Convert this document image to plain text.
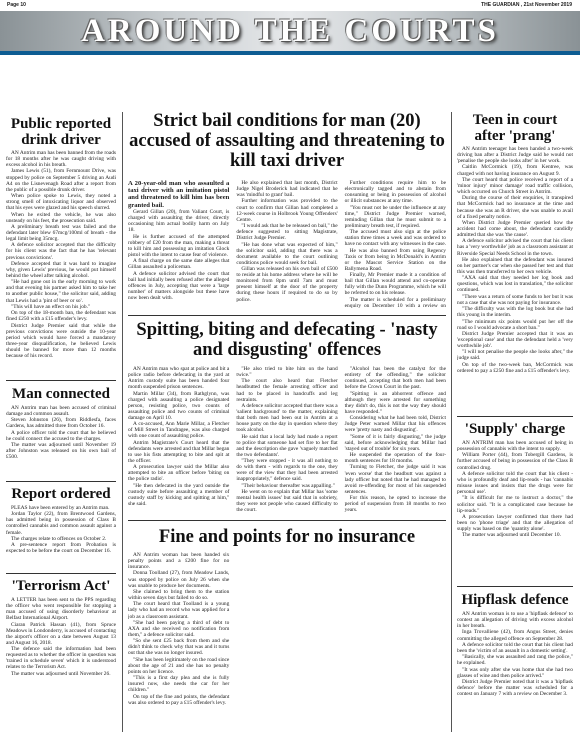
Page 10	THE GUARDIAN , 21st November 2019
AROUND THE COURTS
Public reported drink driver

AN Antrim man has been banned from the roads for 18 months after he was caught driving with excess alcohol in his breath.

James Lewis (51), from Fernmount Drive, was stopped by police on September 5 driving an Audi A4 on the Lisnevenagh Road after a report from the public of a possible drunk driver.

When police spoke to Lewis, they noted a strong smell of intoxicating liquor and observed that his eyes were glazed and his speech slurred.

When he exited the vehicle, he was also unsteady on his feet, the prosecution said.

A preliminary breath test was failed and the defendant later blew 67mcg/100ml of breath - the legal limit being 35mcg.

A defence solicitor accepted that the difficulty for his client was the fact that he has 'relevant previous convictions'.

Defence accepted that it was hard to imagine why, given Lewis' previous, he would put himself behind the wheel after talking alcohol.

"He had gone out in the early morning to work and that evening his partner asked him to take her to another public house," the solicitor said, adding that Lewis had a 'pint of beer or so'.

"This will have an effect on his job."

On top of the 18-month ban, the defendant was fined £250 with a £15 offender's levy.

District Judge Premier said that while the previous convictions were outside the 10-year period which would have forced a mandatory three-year disqualification, he believed Lewis should be banned for more than 12 months because of his record.

Man connected

AN Antrim man has been accused of criminal damage and common assault.

Steven Johnston (26), from Riddlesfa, faces Gardens, has admitted three from October 16.

A police officer told the court that he believed he could connect the accused to the charges.

The matter was adjourned until November 19 after Johnston was released on his own bail of £500.

Report ordered

PLEAS have been entered by an Antrim man.

Jordan Taylor (22), from Brentwood Gardens, has admitted being in possession of Class B controlled cannabis and common assault against a female.

The charges relate to offences on October 2.

A pre-sentence report from Probation is expected to be before the court on December 16.

'Terrorism Act'

A LETTER has been sent to the PPS regarding the officer who went responsible for stopping a man accused of using disorderly behaviour at Belfast International Airport.

Ciaran Patrick Hassan (41), from Spruce Meadows in Londonderry, is accused of contacting the airport's officer on a date between August 13 and August 16, 2018.

The defence said the information had been requested as to whether the officer in question was 'trained in schedule seven' which it is understood relates to the Terrorism Act.

The matter was adjourned until November 26.

Strict bail conditions for man (20) accused of assaulting and threatening to kill taxi driver

A 20-year-old man who assaulted a taxi driver with an imitation pistol and threatened to kill him has been granted bail.

Gerard Gillan (20), from Valiant Court, is charged with assaulting the driver, directly occasioning him actual bodily harm on July 18.

He is further accused of the attempted robbery of £20 from the man, making a threat to kill him and possessing an imitation Glock pistol with the intent to cause fear of violence.

A final charge on the same date alleges that Gillan assaulted a policeman.

A defence solicitor advised the court that bail had initially been refused after the alleged offences in July, accepting that were a 'large number' of matters alongside but these have now been dealt with.

He also explained that last month, District Judge Nigel Broderick had indicated that he was 'mindful to grant' bail.

Further information was provided to the court to confirm that Gillan had completed a 12-week course in Holbrook Young Offenders' Centre.

"I would ask that he be released on bail," the defence suggested to sitting Magistrate, District Judge Premier.

"He has done what was expected of him," the solicitor said, adding that there was a document available to the court outlining conditions police would seek for bail.

Gillan was released on his own bail of £500 to reside at his home address where he will be monitored from 8pm until 7am and must present himself at the door of the property during these hours if required to do so by police.

Further conditions require him to be electronically tagged and to abstain from consuming or being in possession of alcohol or illicit substances at any time.

"You must not be under the influence at any time," District Judge Premier warned, reminding Gillan that he must submit to a preliminary breath test, if required.

The accused must also sign at the police station three times a week and was ordered to have no contact with any witnesses in the case.

He was also banned from using Regency Taxis or from being in McDonald's in Antrim or the Mascot Service Station on the Ballymena Road.

Finally, Mr Premier made it a condition of bail that Gillan would attend and co-operate fully with the Dunn Programme, which he will be referred to on his release.

The matter is scheduled for a preliminary enquiry on December 10 with a review on

Spitting, biting and defecating - 'nasty and disgusting' offences

AN Antrim man who spat at police and bit a police radio before defecating in the yard at Antrim custody suite has been handed four month suspended prison sentences.

Martin Millar (34), from Rathglynn, was charged with assaulting a police designated person, resisting police, two counts of assaulting police and two counts of criminal damage on April 10.

A co-accused, Ann Marie Millar, a Fletcher of Mill Street in Tandragee, was also charged with one count of assaulting police.

Antrim Magistrate's Court heard that the defendants were arrested and that Millar began to use his fists attempting to bite and spit at the officer.

A prosecution lawyer said the Millar also attempted to bite an officer before 'biting on the police radio'.

"He then defecated in the yard outside the custody suite before assaulting a member of custody staff by kicking and spitting at him," she said.

"He also tried to bite him on the hand twice."

The court also heard that Fletcher headbutted the female arresting officer and had to be placed in handcuffs and leg restraints.

A defence solicitor accepted that there was a 'salient background' to the matter, explaining that both men had been out in Antrim at a house party on the day in question where they took alcohol.

He said that a local lady had made a report to police that someone had set fire to her flat and the description she gave 'vaguely matched the two defendants'.

"They were stopped - it was all nothing to do with them - with regards to the one, they were of the view that they had been arrested inappropriately," defence said.

"Their behaviour thereafter was appalling."

He went on to explain that Millar has 'some mental health issues' but said that in sobriety, they were not people who caused difficulty to the court.

"Alcohol has been the catalyst for the entirety of the offending," the solicitor continued, accepting that both men had been before the Crown Court in the past.

"Spitting is an abhorrent offence and although they were arrested for something they didn't do, this is not the way they should have responded."

Considering what he had been told, District Judge Peter warned Millar that his offences were 'pretty nasty and disgusting'.

"Some of it is fairly disgusting," the judge said, before acknowledging that Millar had 'stayed out of trouble' for six years.

He suspended the operation of the four-month sentences for 18 months.

Turning to Fletcher, the judge said it was 'even worse' that the headbutt was against a lady officer but noted that he had managed to avoid re-offending for most of his suspended sentences.

For this reason, he opted to increase the period of suspension from 18 months to two years.

Fine and points for no insurance

AN Antrim woman has been handed six penalty points and a £200 fine for no insurance.

Donna Toolland (27), from Meadow Lands, was stopped by police on July 26 when she was unable to produce her documents.

She claimed to bring them to the station within seven days but failed to do so.

The court heard that Toolland is a young lady who had an record who was applied for a job as a classroom assistant.

"She had been paying a third of debt to AXA and she received no notification from them," a defence solicitor said.

"So she sent £25 back from them and she didn't think to check why that was and it turns out that she was no longer insured.

"She has been legitimately on the road since about the age of 21 and she has no penalty points on her licence.

"This is a first day plea and she is fully insured now, she needs the car for her children."

On top of the fine and points, the defendant was also ordered to pay a £15 offender's levy.

Teen in court after 'prang'

AN Antrim teenager has been handed a two-week driving ban after a District Judge said he would not 'penalise the people she looks after' in her work.

Caitlin McCormick (19), from Kentree, was charged with not having insurance on August 9.

The court heard that police received a report of a 'minor injury' minor damage' road traffic collision, which occurred on Church Street in Antrim.

During the course of their enquiries, it transpired that McCormick had no insurance at the time and because she was an R driver, she was unable to avail of a fixed penalty notice.

When District Judge Premier queried how the accident had come about, the defendant candidly admitted that she was 'the cause'.

A defence solicitor advised the court that his client has a 'very worthwhile' job as a classroom assistant at Riverside Special Needs School in the town.

He also explained that the defendant was insured on her partner's car when she passed her test and that this was then transferred to her own vehicle.

"AXA said that they needed her log book and questions, which was lost in translation," the solicitor continued.

"There was a return of some funds to her but it was not a case that she was not paying for insurance.

"The difficulty was with the log book but she had this young in the interim.

"The minimum six points would put her off the road so I would advocate a short ban."

District Judge Premier accepted that it was an 'exceptional case' and that the defendant held a 'very worthwhile job'.

"I will not penalise the people she looks after," the judge said.

On top of the two-week ban, McCormick was ordered to pay a £250 fine and a £15 offender's levy.

'Supply' charge

AN ANTRIM man has been accused of being in possession of cannabis with the intent to supply.

William Porter (44), from Tobergill Gardens, is further accused of being in possession of the Class B controlled drug.

A defence solicitor told the court that his client - who is profoundly deaf and lip-reads - has 'cannabis misuse issues and insists that the drugs were for personal use'.

"It is difficult for me to instruct a doctor," the solicitor said. "It is a complicated case because he lip-reads."

A prosecution lawyer confirmed that there had been no 'phone triage' and that the allegation of supply was based on the 'quantity alone'.

The matter was adjourned until December 10.

Hipflask defence

AN Antrim woman is to use a 'hipflask defence' to contest an allegation of driving with excess alcohol in her breath.

Inga Trovalliene (42), from Angus Street, denies committing the alleged offence on September 28.

A defence solicitor told the court that his client had been the 'victim of an assault in a domestic setting'.

"Basically, she was assaulted and rang the police," he explained.

"It was only after she was home that she had two glasses of wine and then police arrived."

District Judge Premier noted that it was a 'hipflask defence' before the matter was scheduled for a contest on January 7 with a review on December 3.
